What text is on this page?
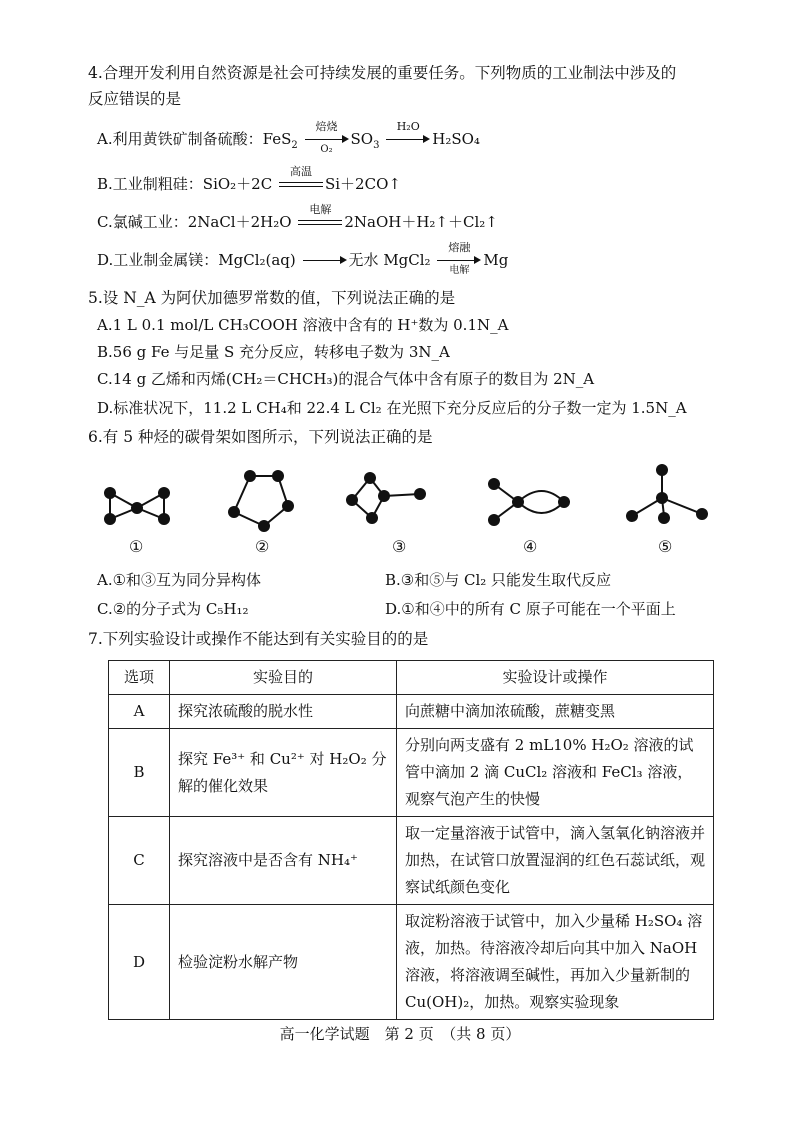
4.合理开发利用自然资源是社会可持续发展的重要任务。下列物质的工业制法中涉及的
反应错误的是
A.利用黄铁矿制备硫酸：FeS$_2$
焙烧
O₂
$SO_3$
H₂O
H₂SO₄
B.工业制粗硅：SiO₂＋2C
高温
Si＋2CO↑
C.氯碱工业：2NaCl＋2H₂O
电解
2NaOH＋H₂↑＋Cl₂↑
D.工业制金属镁：MgCl₂(aq)	无水 MgCl₂
熔融
电解
Mg
5.设 N_A 为阿伏加德罗常数的值，下列说法正确的是
A.1 L 0.1 mol/L CH₃COOH 溶液中含有的 H⁺数为 0.1N_A
B.56 g Fe 与足量 S 充分反应，转移电子数为 3N_A
C.14 g 乙烯和丙烯(CH₂＝CHCH₃)的混合气体中含有原子的数目为 2N_A
D.标准状况下，11.2 L CH₄和 22.4 L Cl₂ 在光照下充分反应后的分子数一定为 1.5N_A
6.有 5 种烃的碳骨架如图所示，下列说法正确的是
①	②	③	④	⑤
A.①和③互为同分异构体	B.③和⑤与 Cl₂ 只能发生取代反应
C.②的分子式为 C₅H₁₂	D.①和④中的所有 C 原子可能在一个平面上
7.下列实验设计或操作不能达到有关实验目的的是
选项	实验目的	实验设计或操作
A	探究浓硫酸的脱水性	向蔗糖中滴加浓硫酸，蔗糖变黑
B	探究 Fe³⁺ 和 Cu²⁺ 对 H₂O₂ 分解的催化效果	分别向两支盛有 2 mL10% H₂O₂ 溶液的试管中滴加 2 滴 CuCl₂ 溶液和 FeCl₃ 溶液，观察气泡产生的快慢
C	探究溶液中是否含有 NH₄⁺	取一定量溶液于试管中，滴入氢氧化钠溶液并加热，在试管口放置湿润的红色石蕊试纸，观察试纸颜色变化
D	检验淀粉水解产物	取淀粉溶液于试管中，加入少量稀 H₂SO₄ 溶液，加热。待溶液冷却后向其中加入 NaOH 溶液，将溶液调至碱性，再加入少量新制的 Cu(OH)₂，加热。观察实验现象
高一化学试题　第 2 页　（共 8 页）
